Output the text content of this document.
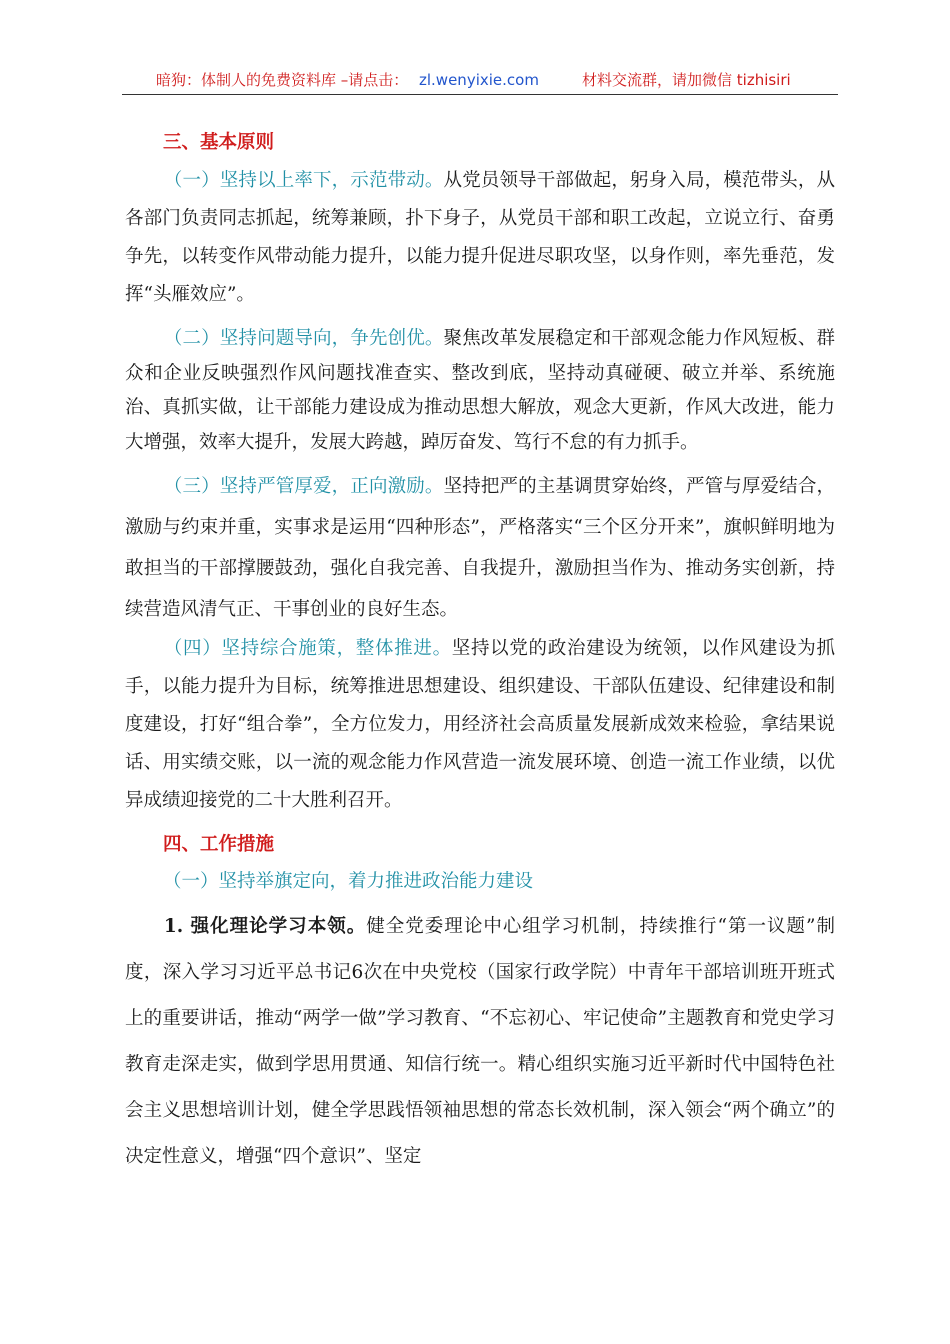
暗狗：体制人的免费资料库 –请点击： zl.wenyixie.com	材料交流群，请加微信 tizhisiri
三、基本原则

（一）坚持以上率下，示范带动。从党员领导干部做起，躬身入局，模范带头，从各部门负责同志抓起，统筹兼顾，扑下身子，从党员干部和职工改起，立说立行、奋勇争先，以转变作风带动能力提升，以能力提升促进尽职攻坚，以身作则，率先垂范，发挥“头雁效应”。

（二）坚持问题导向，争先创优。聚焦改革发展稳定和干部观念能力作风短板、群众和企业反映强烈作风问题找准查实、整改到底，坚持动真碰硬、破立并举、系统施治、真抓实做，让干部能力建设成为推动思想大解放，观念大更新，作风大改进，能力大增强，效率大提升，发展大跨越，踔厉奋发、笃行不怠的有力抓手。

（三）坚持严管厚爱，正向激励。坚持把严的主基调贯穿始终，严管与厚爱结合，激励与约束并重，实事求是运用“四种形态”，严格落实“三个区分开来”，旗帜鲜明地为敢担当的干部撑腰鼓劲，强化自我完善、自我提升，激励担当作为、推动务实创新，持续营造风清气正、干事创业的良好生态。

（四）坚持综合施策，整体推进。坚持以党的政治建设为统领，以作风建设为抓手，以能力提升为目标，统筹推进思想建设、组织建设、干部队伍建设、纪律建设和制度建设，打好“组合拳”，全方位发力，用经济社会高质量发展新成效来检验，拿结果说话、用实绩交账，以一流的观念能力作风营造一流发展环境、创造一流工作业绩，以优异成绩迎接党的二十大胜利召开。

四、工作措施
（一）坚持举旗定向，着力推进政治能力建设

1. 强化理论学习本领。健全党委理论中心组学习机制，持续推行“第一议题”制度，深入学习习近平总书记6次在中央党校（国家行政学院）中青年干部培训班开班式上的重要讲话，推动“两学一做”学习教育、“不忘初心、牢记使命”主题教育和党史学习教育走深走实，做到学思用贯通、知信行统一。精心组织实施习近平新时代中国特色社会主义思想培训计划，健全学思践悟领袖思想的常态长效机制，深入领会“两个确立”的决定性意义，增强“四个意识”、坚定
